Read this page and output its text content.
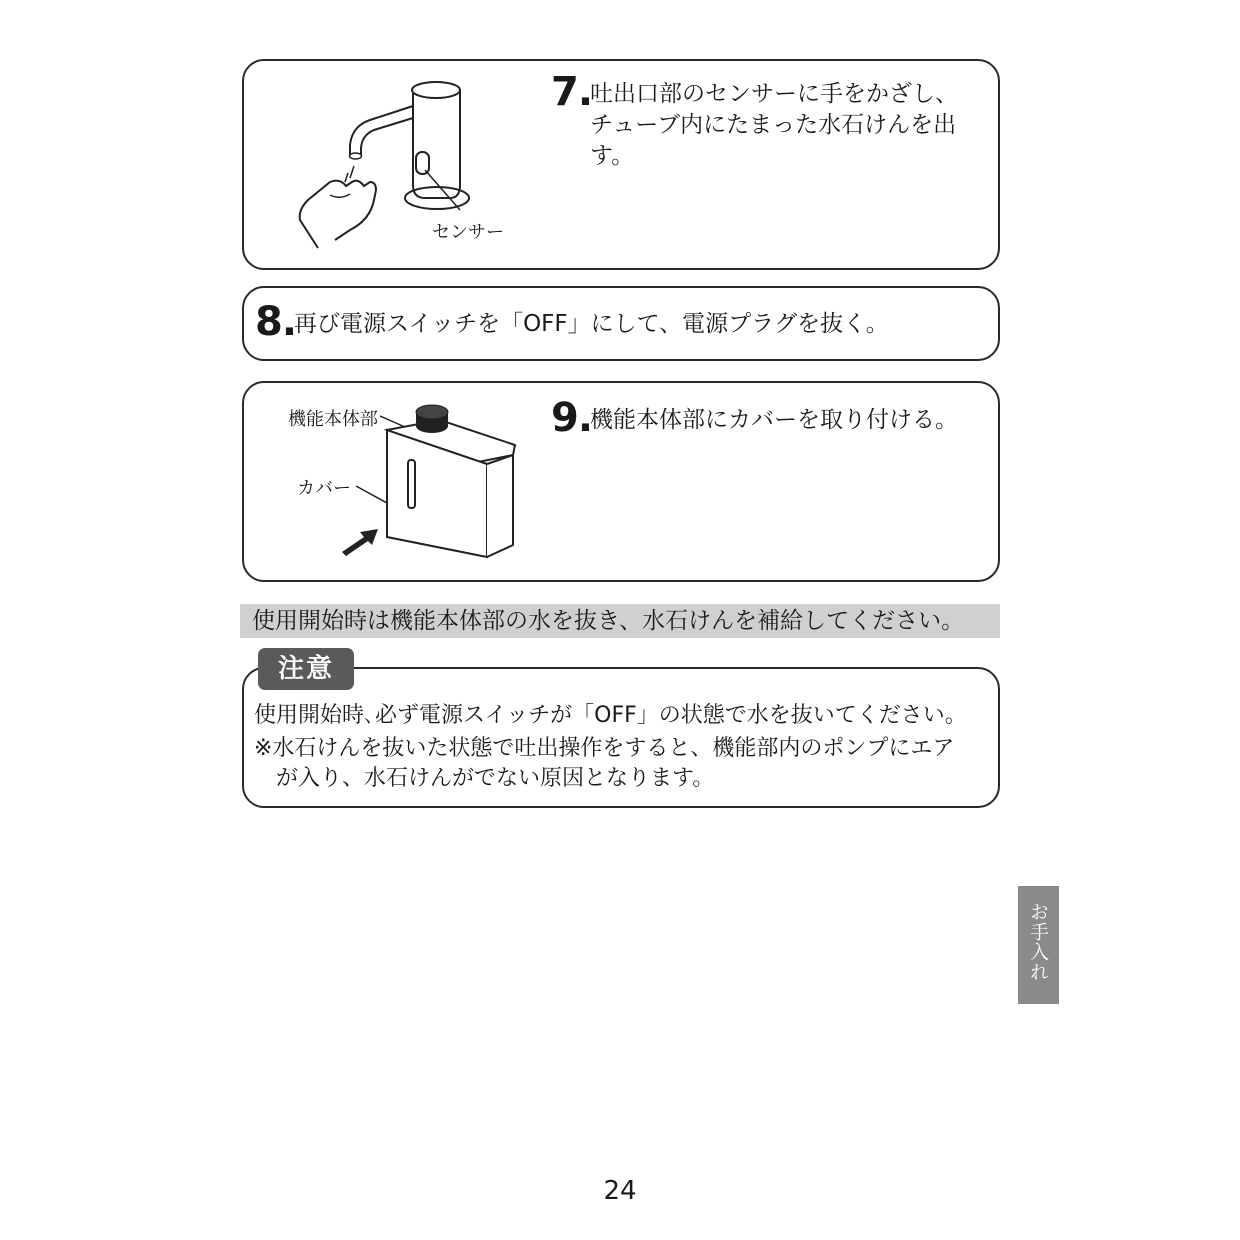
センサー
7.
吐出口部のセンサーに手をかざし、
チューブ内にたまった水石けんを出
す。
8.
再び電源スイッチを「OFF」にして、電源プラグを抜く。
機能本体部
カバー
9.
機能本体部にカバーを取り付ける。
使用開始時は機能本体部の水を抜き、水石けんを補給してください。
注意
使用開始時､必ず電源スイッチが「OFF」の状態で水を抜いてください｡
※水石けんを抜いた状態で吐出操作をすると、機能部内のポンプにエア
が入り、水石けんがでない原因となります。
お手入れ
24
